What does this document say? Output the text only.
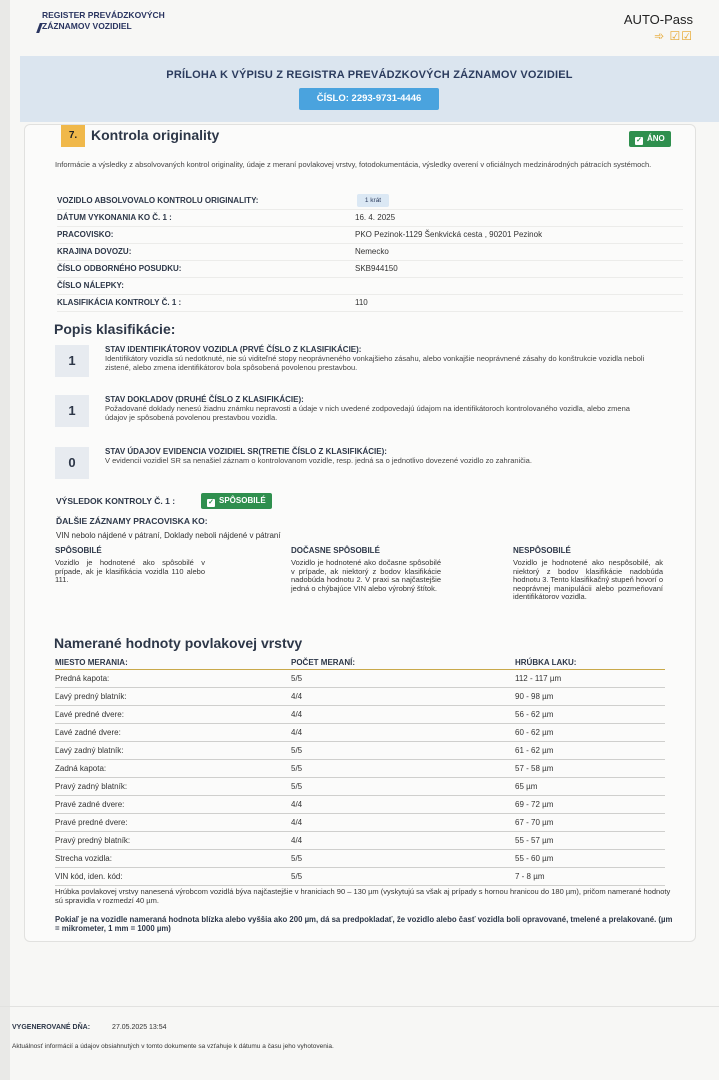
REGISTER PREVÁDZKOVÝCH
ZÁZNAMOV VOZIDIEL	AUTO-Pass
➾ ☑☑
PRÍLOHA K VÝPISU Z REGISTRA PREVÁDZKOVÝCH ZÁZNAMOV VOZIDIEL
ČÍSLO: 2293-9731-4446
7. Kontrola originality	✓ ÁNO
Informácie a výsledky z absolvovaných kontrol originality, údaje z meraní povlakovej vrstvy, fotodokumentácia, výsledky overení v oficiálnych medzinárodných pátracích systémoch.
VOZIDLO ABSOLVOVALO KONTROLU ORIGINALITY:	1 krát
DÁTUM VYKONANIA KO Č. 1 :	16. 4. 2025
PRACOVISKO:	PKO Pezinok-1129 Šenkvická cesta , 90201 Pezinok
KRAJINA DOVOZU:	Nemecko
ČÍSLO ODBORNÉHO POSUDKU:	SKB944150
ČÍSLO NÁLEPKY:
KLASIFIKÁCIA KONTROLY Č. 1 :	110
Popis klasifikácie:
1
STAV IDENTIFIKÁTOROV VOZIDLA (PRVÉ ČÍSLO Z KLASIFIKÁCIE):
Identifikátory vozidla sú nedotknuté, nie sú viditeľné stopy neoprávneného vonkajšieho zásahu, alebo vonkajšie neoprávnené zásahy do konštrukcie vozidla neboli zistené, alebo zmena identifikátorov bola spôsobená povolenou prestavbou.
1
STAV DOKLADOV (DRUHÉ ČÍSLO Z KLASIFIKÁCIE):
Požadované doklady nenesú žiadnu známku nepravosti a údaje v nich uvedené zodpovedajú údajom na identifikátoroch kontrolovaného vozidla, alebo zmena údajov je spôsobená povolenou prestavbou vozidla.
0
STAV ÚDAJOV EVIDENCIA VOZIDIEL SR(TRETIE ČÍSLO Z KLASIFIKÁCIE):
V evidencii vozidiel SR sa nenašiel záznam o kontrolovanom vozidle, resp. jedná sa o jednotlivo dovezené vozidlo zo zahraničia.
VÝSLEDOK KONTROLY Č. 1 :	✓ SPÔSOBILÉ
ĎALŠIE ZÁZNAMY PRACOVISKA KO:
VIN nebolo nájdené v pátraní, Doklady neboli nájdené v pátraní
SPÔSOBILÉ
Vozidlo je hodnotené ako spôsobilé v prípade, ak je klasifikácia vozidla 110 alebo 111.
DOČASNE SPÔSOBILÉ
Vozidlo je hodnotené ako dočasne spôsobilé v prípade, ak niektorý z bodov klasifikácie nadobúda hodnotu 2. V praxi sa najčastejšie jedná o chýbajúce VIN alebo výrobný štítok.
NESPÔSOBILÉ
Vozidlo je hodnotené ako nespôsobilé, ak niektorý z bodov klasifikácie nadobúda hodnotu 3. Tento klasifikačný stupeň hovorí o neoprávnej manipulácii alebo pozmeňovaní identifikátorov vozidla.
Namerané hodnoty povlakovej vrstvy
MIESTO MERANIA:	POČET MERANÍ:	HRÚBKA LAKU:
Predná kapota:	5/5	112 - 117 µm
Ľavý predný blatník:	4/4	90 - 98 µm
Ľavé predné dvere:	4/4	56 - 62 µm
Ľavé zadné dvere:	4/4	60 - 62 µm
Ľavý zadný blatník:	5/5	61 - 62 µm
Zadná kapota:	5/5	57 - 58 µm
Pravý zadný blatník:	5/5	65 µm
Pravé zadné dvere:	4/4	69 - 72 µm
Pravé predné dvere:	4/4	67 - 70 µm
Pravý predný blatník:	4/4	55 - 57 µm
Strecha vozidla:	5/5	55 - 60 µm
VIN kód, iden. kód:	5/5	7 - 8 µm
Hrúbka povlakovej vrstvy nanesená výrobcom vozidlá býva najčastejšie v hraniciach 90 – 130 µm (vyskytujú sa však aj prípady s hornou hranicou do 180 µm), pričom namerané hodnoty sú spravidla v rozmedzí 40 µm.
Pokiaľ je na vozidle nameraná hodnota blízka alebo vyššia ako 200 µm, dá sa predpokladať, že vozidlo alebo časť vozidla boli opravované, tmelené a prelakované. (µm = mikrometer, 1 mm = 1000 µm)
VYGENEROVANÉ DŇA:	27.05.2025 13:54
Aktuálnosť informácií a údajov obsiahnutých v tomto dokumente sa vzťahuje k dátumu a času jeho vyhotovenia.
